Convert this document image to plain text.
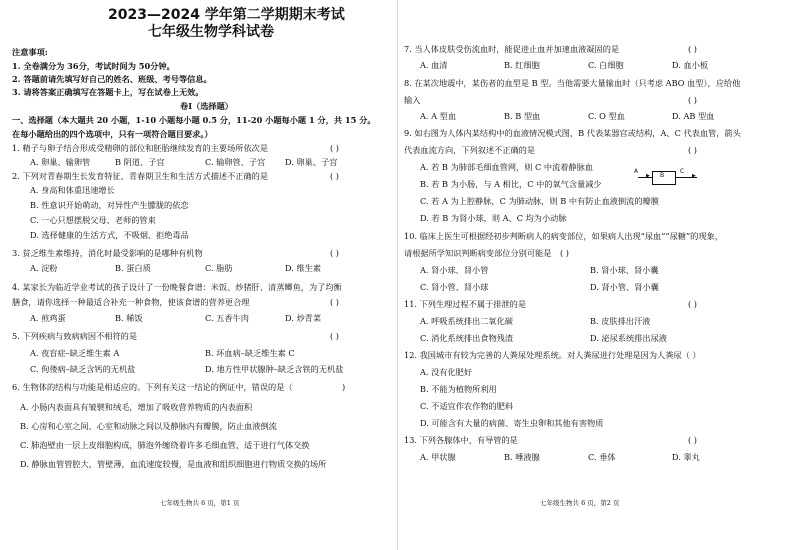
2023—2024 学年第二学期期末考试
七年级生物学科试卷
注意事项:
1. 全卷满分为 36分，考试时间为 50分钟。
2. 答题前请先填写好自己的姓名、班级、考号等信息。
3. 请将答案正确填写在答题卡上，写在试卷上无效。
卷Ⅰ（选择题）
一、选择题（本大题共 20 小题，1-10 小题每小题 0.5 分，11-20 小题每小题 1 分，共 15 分。
在每小题给出的四个选项中，只有一项符合题目要求。）
1. 精子与卵子结合形成受精卵的部位和胚胎继续发育的主要场所依次是	( )
A. 卵巢、输卵管	B 阴道、子宫	C. 输卵管、子宫 D. 卵巢、子宫
2. 下列对青春期生长发育特征、青春期卫生和生活方式描述不正确的是	( )
A. 身高和体重迅速增长
B. 性意识开始萌动，对异性产生朦胧的依恋
C. 一心只想摆脱父母、老师的管束
D. 选择健康的生活方式，不吸烟、拒绝毒品
3. 贫乏维生素维持，消化时最受影响的是哪种有机物	( )
A. 淀粉	B. 蛋白质	C. 脂肪	D. 维生素
4. 某家长为临近学业考试的孩子设计了一份晚餐食谱：米饭、炒猪肝、清蒸鲫鱼，为了均衡
膳食，请你选择一种最适合补充一种食物，使该食谱的营养更合理	( )
A. 煎鸡蛋	B. 稀饭	C. 五香牛肉	D. 炒青菜
5. 下列疾病与致病病因不相符的是	( )
A. 夜盲症–缺乏维生素 A	B. 坏血病–缺乏维生素 C
C. 佝偻病–缺乏含钙的无机盐	D. 地方性甲状腺肿–缺乏含铁的无机盐
6. 生物体的结构与功能是相适应的。下列有关这一结论的例证中，错误的是（	)
A. 小肠内表面具有皱襞和绒毛，增加了吸收营养物质的内表面积
B. 心房和心室之间、心室和动脉之间以及静脉内有瓣膜，防止血液倒流
C. 肺泡壁由一层上皮细胞构成，肺泡外缠绕着许多毛细血管，适于进行气体交换
D. 静脉血管管腔大，管壁薄，血流速度较慢，是血液和组织细胞进行物质交换的场所
七年级生物共 6 页，第1 页
7. 当人体皮肤受伤流血时，能促进止血并加速血液凝固的是	( )
A. 血清	B. 红细胞	C. 白细胞	D. 血小板
8. 在某次地震中，某伤者的血型是 B 型。当他需要大量输血时（只考虑 ABO 血型），应给他
输入	( )
A. A 型血	B. B 型血	C. O 型血	D. AB 型血
9. 如右图为人体内某结构中的血液情况模式图，B 代表某器官或结构，A、C 代表血管，箭头
代表血流方向，下列叙述不正确的是	( )
A. 若 B 为肺部毛细血管网，则 C 中流着静脉血
B. 若 B 为小肠，与 A 相比，C 中的氧气含量减少
C. 若 A 为上腔静脉，C 为肺动脉，则 B 中有防止血液倒流的瓣膜
D. 若 B 为肾小球，则 A、C 均为小动脉
A
▶ B	▶
C
10. 临床上医生可根据经初步判断病人的病变部位，如果病人出现“尿血”“尿糖”的现象，
请根据所学知识判断病变部位分别可能是 ( )
A. 肾小球、肾小管	B. 肾小球、肾小囊
C. 肾小管、肾小球	D. 肾小管、肾小囊
11. 下列生理过程不属于排泄的是	( )
A. 呼吸系统排出二氧化碳	B. 皮肤排出汗液
C. 消化系统排出食物残渣	D. 泌尿系统排出尿液
12. 我国城市有较为完善的人粪尿处理系统。对人粪尿进行处理是因为人粪尿（ ）
A. 没有化肥好
B. 不能为植物所利用
C. 不适宜作农作物的肥料
D. 可能含有大量的病菌、寄生虫卵和其他有害物质
13. 下列各腺体中，有导管的是	( )
A. 甲状腺	B. 唾液腺	C. 垂体	D. 睾丸
七年级生物共 6 页，第2 页
